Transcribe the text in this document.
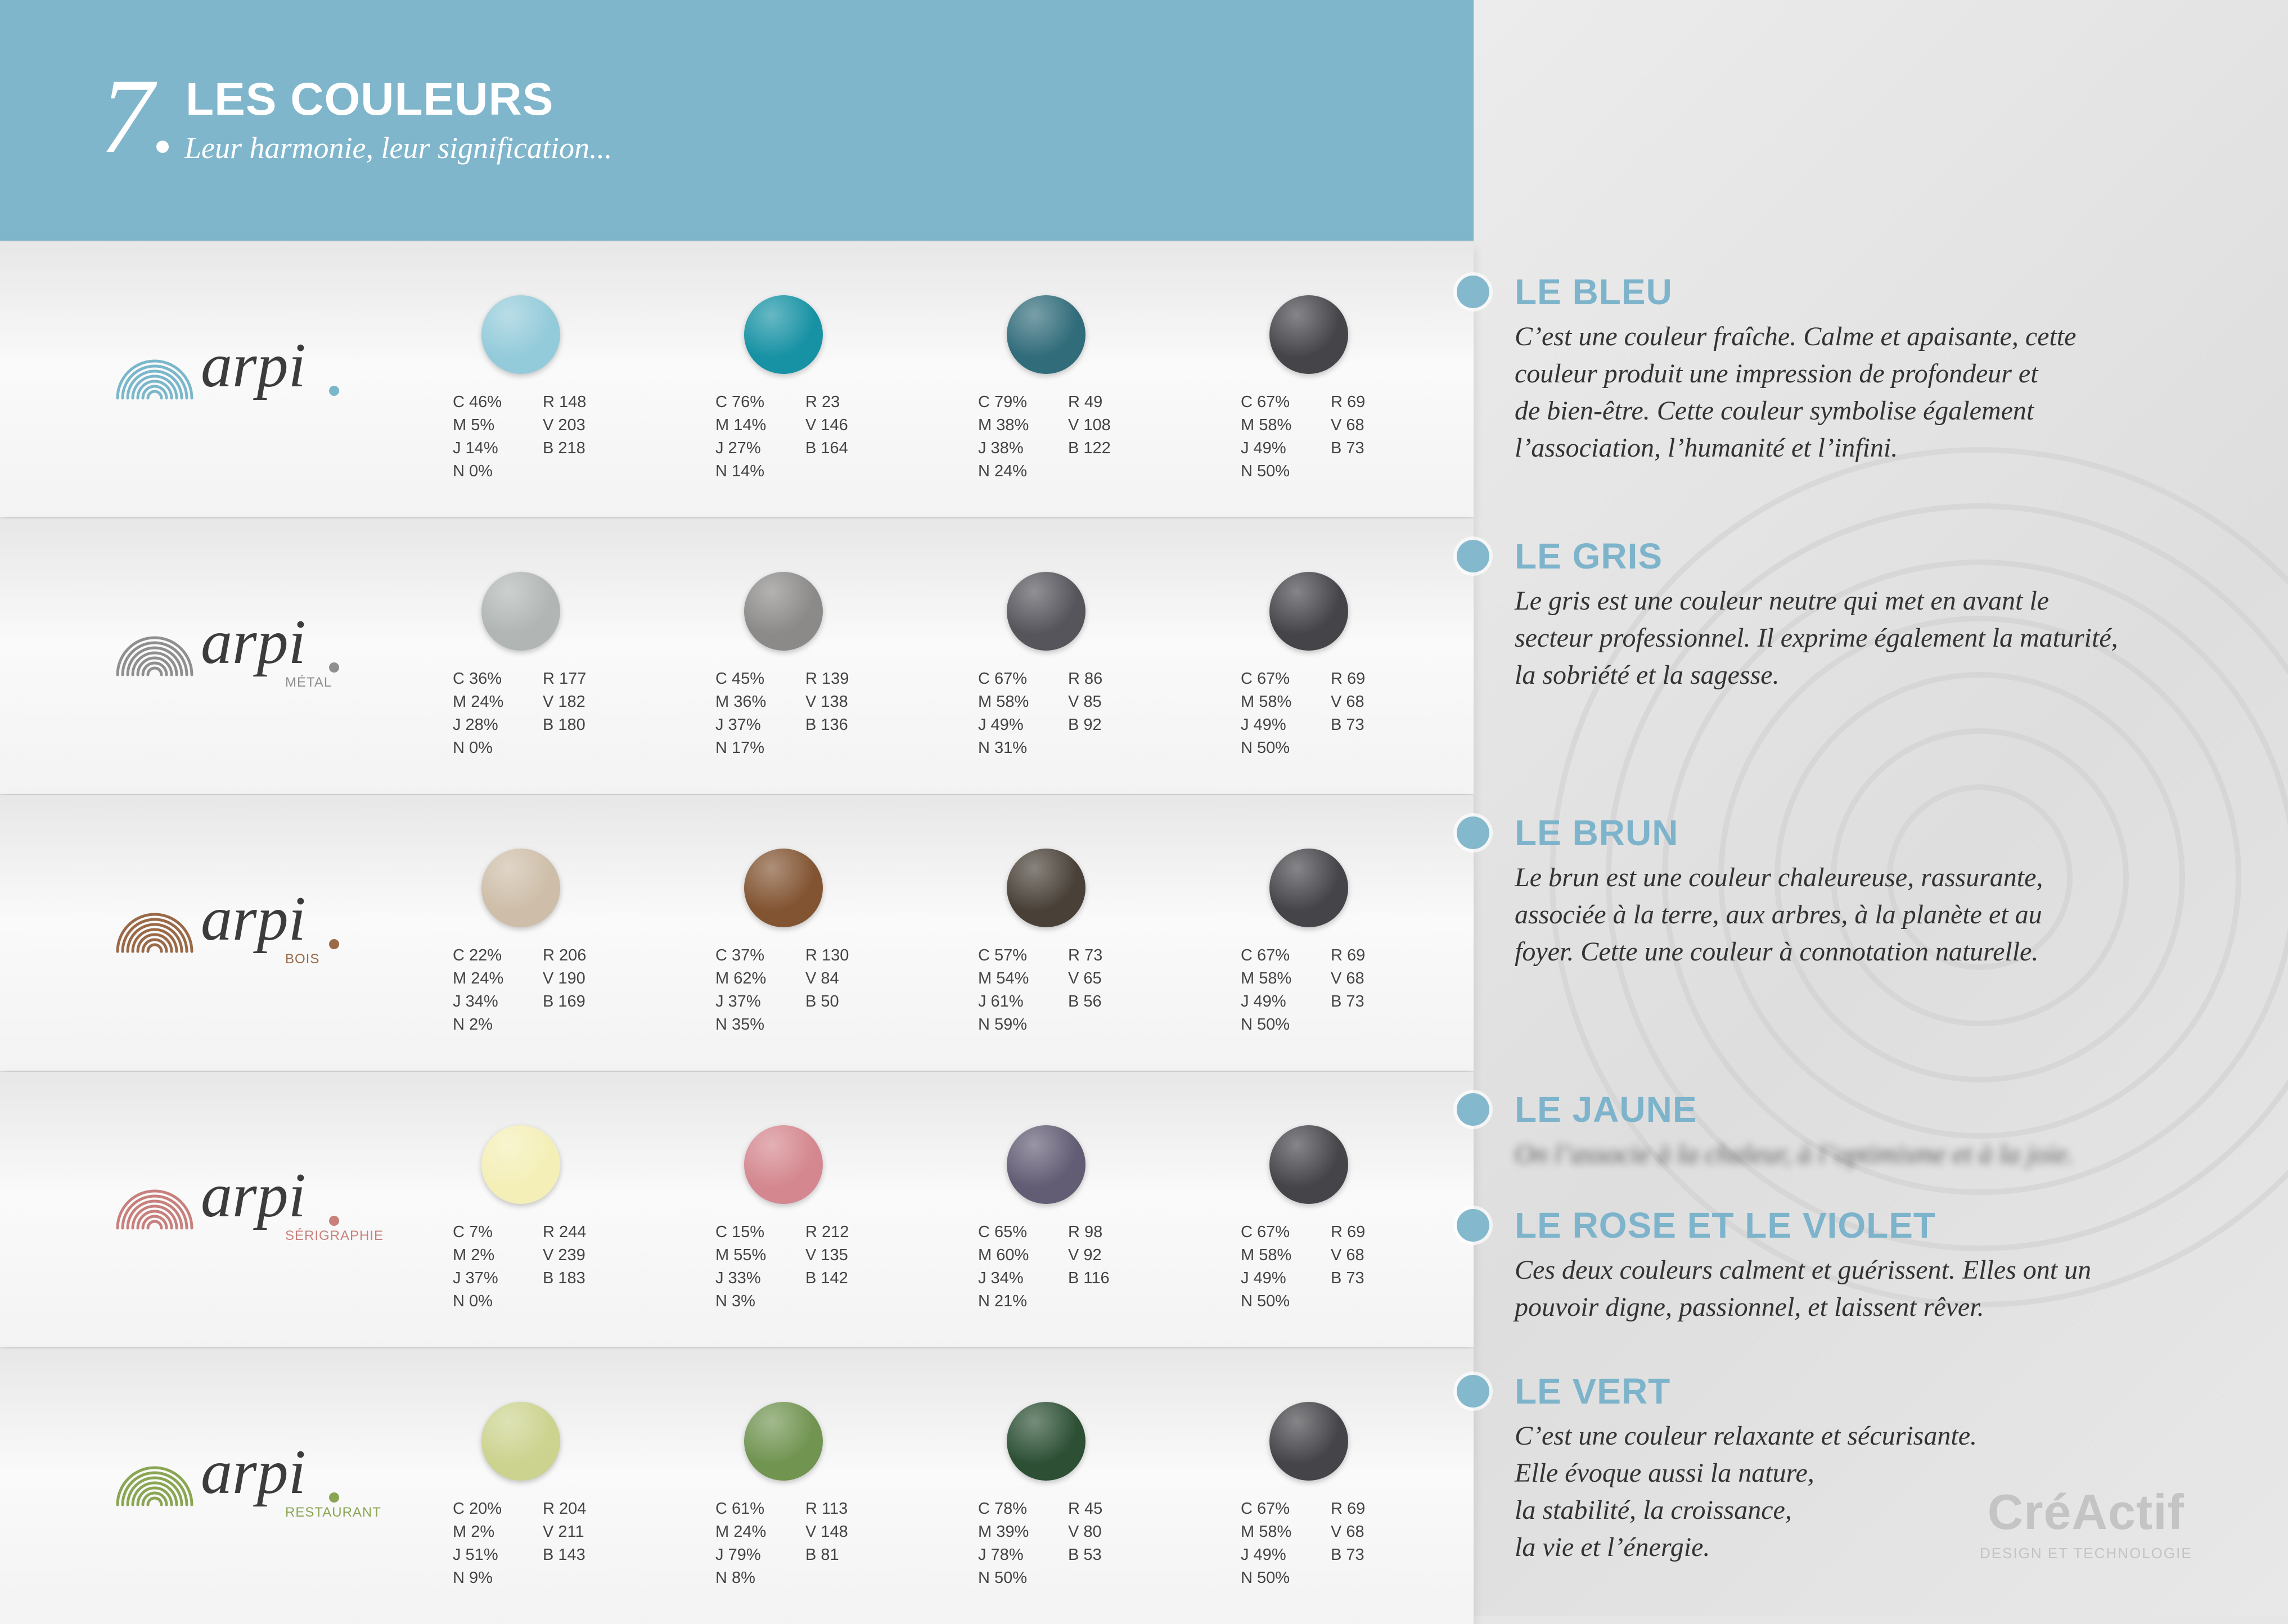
7 LES COULEURS
Leur harmonie, leur signification...
arpi
C 46%	R 148
M 5%	V 203
J 14%	B 218
N 0%
C 76%	R 23
M 14% V 146
J 27%	B 164
N 14%
C 79%	R 49
M 38% V 108
J 38%	B 122
N 24%
C 67%	R 69
M 58% V 68
J 49%	B 73
N 50%
arpi
MÉTAL	C 36%	R 177
M 24% V 182
J 28%	B 180
N 0%
C 45%	R 139
M 36% V 138
J 37%	B 136
N 17%
C 67%	R 86
M 58% V 85
J 49%	B 92
N 31%
C 67%	R 69
M 58% V 68
J 49%	B 73
N 50%
arpi
BOIS	C 22%	R 206
M 24% V 190
J 34%	B 169
N 2%
C 37%	R 130
M 62% V 84
J 37%	B 50
N 35%
C 57%	R 73
M 54% V 65
J 61%	B 56
N 59%
C 67%	R 69
M 58% V 68
J 49%	B 73
N 50%
arpi
SÉRIGRAPHIE	C 7%	R 244
M 2%	V 239
J 37%	B 183
N 0%
C 15%	R 212
M 55% V 135
J 33%	B 142
N 3%
C 65%	R 98
M 60% V 92
J 34%	B 116
N 21%
C 67%	R 69
M 58% V 68
J 49%	B 73
N 50%
arpi
RESTAURANT	C 20%	R 204
M 2%	V 211
J 51%	B 143
N 9%
C 61%	R 113
M 24% V 148
J 79%	B 81
N 8%
C 78%	R 45
M 39% V 80
J 78%	B 53
N 50%
C 67%	R 69
M 58% V 68
J 49%	B 73
N 50%
LE BLEU
C’est une couleur fraîche. Calme et apaisante, cette
couleur produit une impression de profondeur et
de bien-être. Cette couleur symbolise également
l’association, l’humanité et l’infini.
LE GRIS
Le gris est une couleur neutre qui met en avant le
secteur professionnel. Il exprime également la maturité,
la sobriété et la sagesse.
LE BRUN
Le brun est une couleur chaleureuse, rassurante,
associée à la terre, aux arbres, à la planète et au
foyer. Cette une couleur à connotation naturelle.
LE JAUNE
On l’associe à la chaleur, à l’optimisme et à la joie.
LE ROSE ET LE VIOLET
Ces deux couleurs calment et guérissent. Elles ont un
pouvoir digne, passionnel, et laissent rêver.
LE VERT
C’est une couleur relaxante et sécurisante.
Elle évoque aussi la nature,
la stabilité, la croissance,
la vie et l’énergie.
CréActif
DESIGN ET TECHNOLOGIE
